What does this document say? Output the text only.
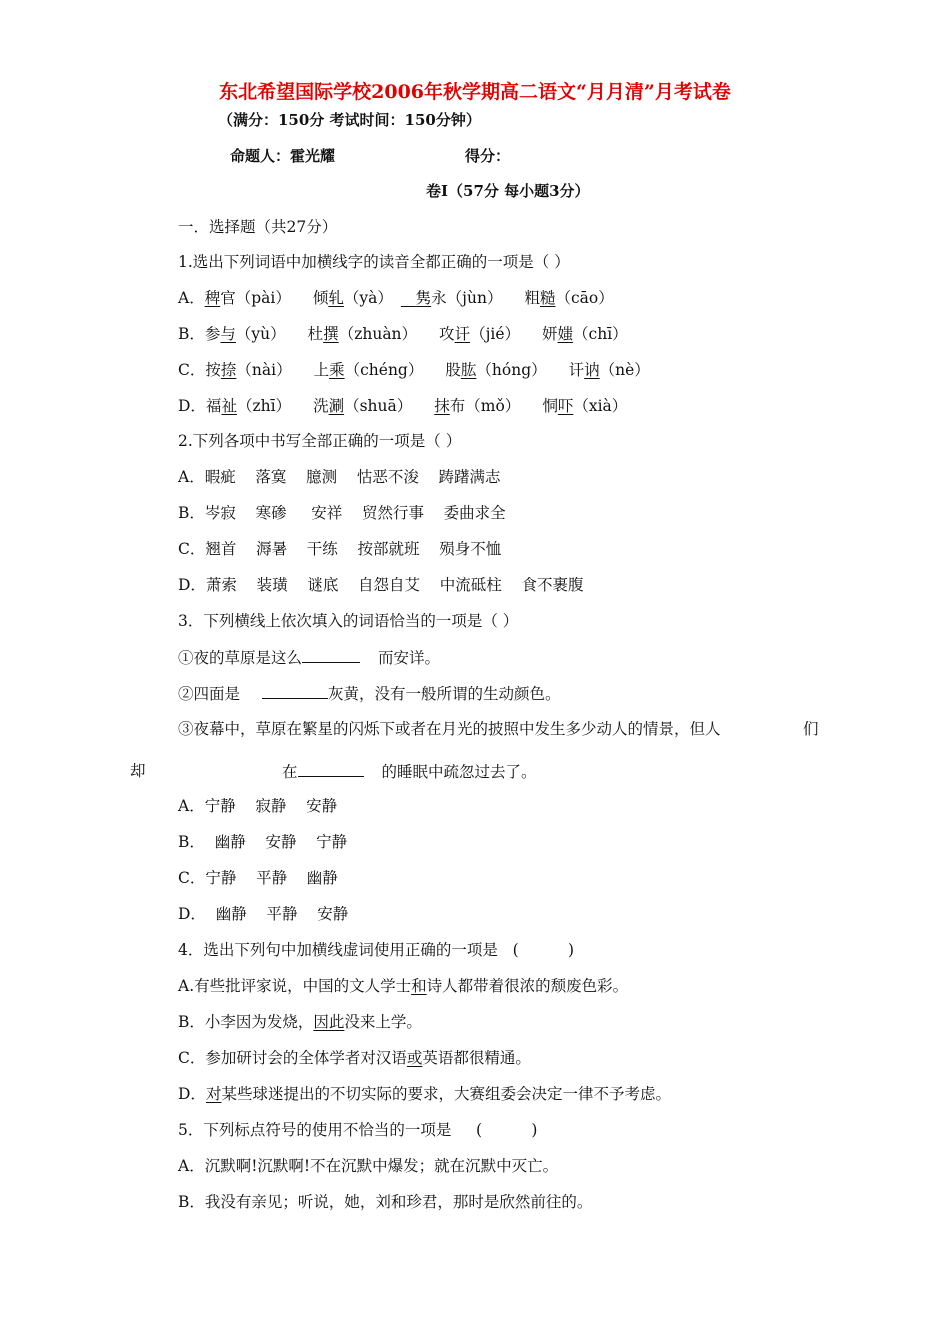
东北希望国际学校2006年秋学期高二语文“月月清”月考试卷
（满分：150分 考试时间：150分钟）
命题人：霍光耀	得分：
卷I（57分 每小题3分）
一．选择题（共27分）
1.选出下列词语中加横线字的读音全都正确的一项是（ ）
A．稗官（pài） 倾轧（yà） 隽永（jùn） 粗糙（cāo）
B．参与（yù） 杜撰（zhuàn） 攻讦（jié） 妍媸（chī）
C．按捺（nài） 上乘（chéng） 股肱（hóng） 讦讷（nè）
D．福祉（zhī） 洗涮（shuā） 抹布（mǒ） 恫吓（xià）
2.下列各项中书写全部正确的一项是（ ）
A．暇疵    落寞    臆测    怙恶不浚    踌躇满志
B．岑寂    寒碜     安祥    贸然行事    委曲求全
C．翘首    溽暑    干练    按部就班    殒身不恤
D．萧索    装璜    谜底    自怨自艾    中流砥柱    食不裹腹
3．下列横线上依次填入的词语恰当的一项是（ ）
①夜的草原是这么	而安详。
②四面是	灰黄，没有一般所谓的生动颜色。
③夜幕中，草原在繁星的闪烁下或者在月光的披照中发生多少动人的情景，但人	们
却	在	的睡眠中疏忽过去了。
A．宁静    寂静    安静
B．  幽静    安静    宁静
C．宁静    平静    幽静
D．  幽静    平静    安静
4．选出下列句中加横线虚词使用正确的一项是   (          )
A.有些批评家说，中国的文人学士和诗人都带着很浓的颓废色彩。
B．小李因为发烧，因此没来上学。
C．参加研讨会的全体学者对汉语或英语都很精通。
D．对某些球迷提出的不切实际的要求，大赛组委会决定一律不予考虑。
5．下列标点符号的使用不恰当的一项是     (          )
A．沉默啊!沉默啊!不在沉默中爆发；就在沉默中灭亡。
B．我没有亲见；听说，她，刘和珍君，那时是欣然前往的。
